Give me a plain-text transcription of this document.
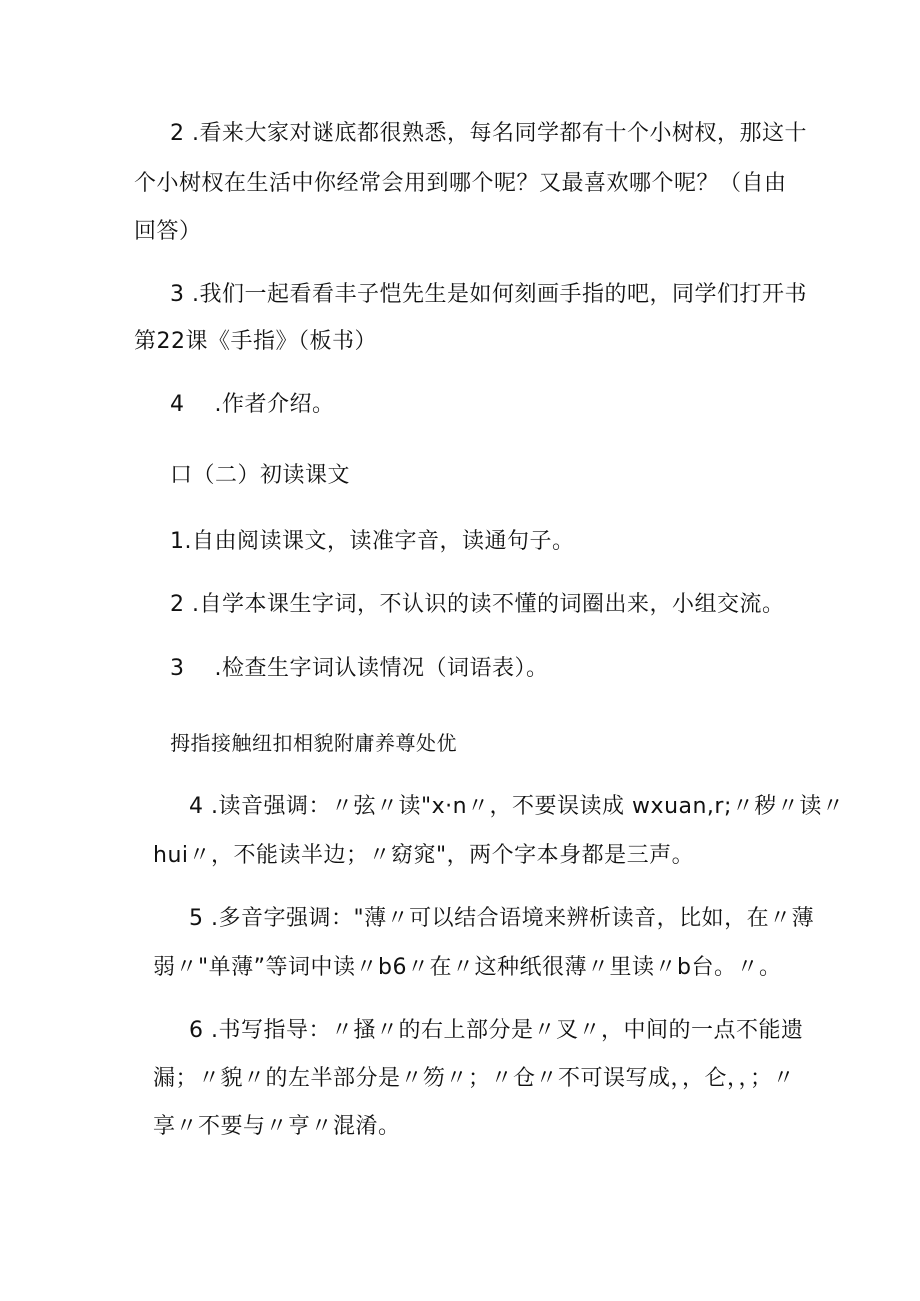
2 .看来大家对谜底都很熟悉，每名同学都有十个小树杈，那这十
个小树杈在生活中你经常会用到哪个呢？又最喜欢哪个呢？（自由
回答）
3 .我们一起看看丰子恺先生是如何刻画手指的吧，同学们打开书
第22课《手指》（板书）
4  .作者介绍。
口（二）初读课文
1.自由阅读课文，读准字音，读通句子。
2 .自学本课生字词，不认识的读不懂的词圈出来，小组交流。
3  .检查生字词认读情况（词语表）。
拇指接触纽扣相貌附庸养尊处优
4 .读音强调：〃弦〃读"x·n〃，不要误读成 wxuan,r;〃秽〃读〃
hui〃，不能读半边；〃窈窕"，两个字本身都是三声。
5 .多音字强调："薄〃可以结合语境来辨析读音，比如，在〃薄
弱〃"单薄”等词中读〃b6〃在〃这种纸很薄〃里读〃b台。〃。
6 .书写指导：〃搔〃的右上部分是〃叉〃，中间的一点不能遗
漏；〃貌〃的左半部分是〃笏〃；〃仓〃不可误写成，，仑，，；〃
享〃不要与〃亨〃混淆。
